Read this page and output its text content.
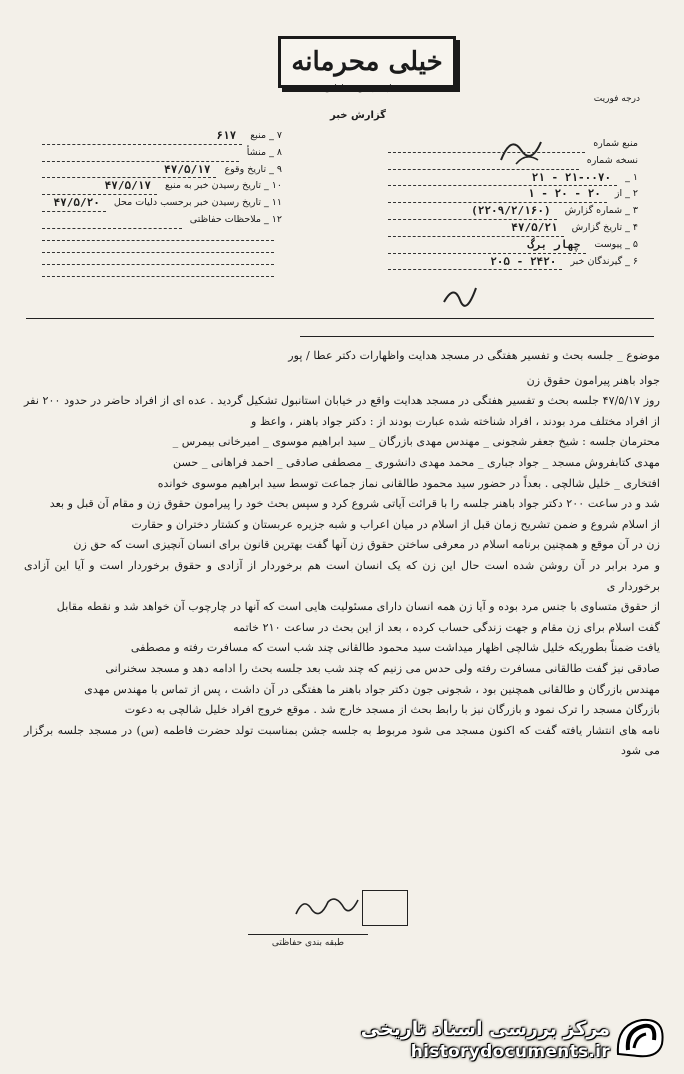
خیلی محرمانه
طبقه بندی حفاظتی
درجه فوریت
گزارش خبر
منبع شماره
نسخه شماره
۱ _
۲۱-۰۰۷۰ - ۲۱
۲ _ از
۲۰ - ۲۰ - ۱
۳ _ شماره گزارش
(۲۲۰۹/۲/۱۶۰)
۴ _ تاریخ گزارش
۴۷/۵/۲۱
۵ _ پیوست
چهار برگ
۶ _ گیرندگان خبر
۲۴۲۰ - ۲۰۵
۷ _ منبع
۶۱۷
۸ _ منشأ
۹ _ تاریخ وقوع
۴۷/۵/۱۷
۱۰ _ تاریخ رسیدن خبر به منبع
۴۷/۵/۱۷
۱۱ _ تاریخ رسیدن خبر برحسب دلیات محل
۴۷/۵/۲۰
۱۲ _ ملاحظات حفاظتی

موضوع _ جلسه بحث و تفسیر هفتگی در مسجد هدایت واظهارات دکتر عطا / پور

جواد باهنر پیرامون حقوق زن

روز ۴۷/۵/۱۷ جلسه بحث و تفسیر هفتگی در مسجد هدایت واقع در خیابان استانبول تشکیل گردید . عده ای از افراد حاضر در حدود ۲۰۰ نفر از افراد مختلف مرد بودند ، افراد شناخته شده عبارت بودند از : دکتر جواد باهنر ، واعظ و

محترمان جلسه : شیخ جعفر شجونی _ مهندس مهدی بازرگان _ سید ابراهیم موسوی _ امیرخانی بیمرس _

مهدی کتابفروش مسجد _ جواد جباری _ محمد مهدی دانشوری _ مصطفی صادقی _ احمد فراهانی _ حسن

افتخاری _ خلیل شالچی . بعداً در حضور سید محمود طالقانی نماز جماعت توسط سید ابراهیم موسوی خوانده

شد و در ساعت ۲۰۰ دکتر جواد باهنر جلسه را با قرائت آیاتی شروع کرد و سپس بحث خود را پیرامون حقوق زن و مقام آن قبل و بعد

از اسلام شروع و ضمن تشریح زمان قبل از اسلام در میان اعراب و شبه جزیره عربستان و کشتار دختران و حقارت

زن در آن موقع و همچنین برنامه اسلام در معرفی ساختن حقوق زن آنها گفت بهترین قانون برای انسان آنچیزی است که حق زن

و مرد برابر در آن روشن شده است حال این زن که یک انسان است هم برخوردار از آزادی و حقوق برخوردار است و آیا این آزادی برخوردار ی

از حقوق متساوی با جنس مرد بوده و آیا زن همه انسان دارای مسئولیت هایی است که آنها در چارچوب آن خواهد شد و نقطه مقابل

گفت اسلام برای زن مقام و جهت زندگی حساب کرده ، بعد از این بحث در ساعت ۲۱۰ خاتمه

یافت ضمناً بطوریکه خلیل شالچی اظهار میداشت سید محمود طالقانی چند شب است که مسافرت رفته و مصطفی

صادقی نیز گفت طالقانی مسافرت رفته ولی حدس می زنیم که چند شب بعد جلسه بحث را ادامه دهد و مسجد سخنرانی

مهندس بازرگان و طالقانی همچنین بود ، شجونی جون دکتر جواد باهنر ما هفتگی در آن داشت ، پس از تماس با مهندس مهدی

بازرگان مسجد را ترک نمود و بازرگان نیز با رابط بحث از مسجد خارج شد . موقع خروج افراد خلیل شالچی به دعوت

نامه های انتشار یافته گفت که اکنون مسجد می شود مربوط به جلسه جشن بمناسبت تولد حضرت فاطمه (س) در مسجد جلسه برگزار می شود

طبقه بندی حفاظتی
مرکز بررسی اسناد تاریخی
historydocuments.ir
